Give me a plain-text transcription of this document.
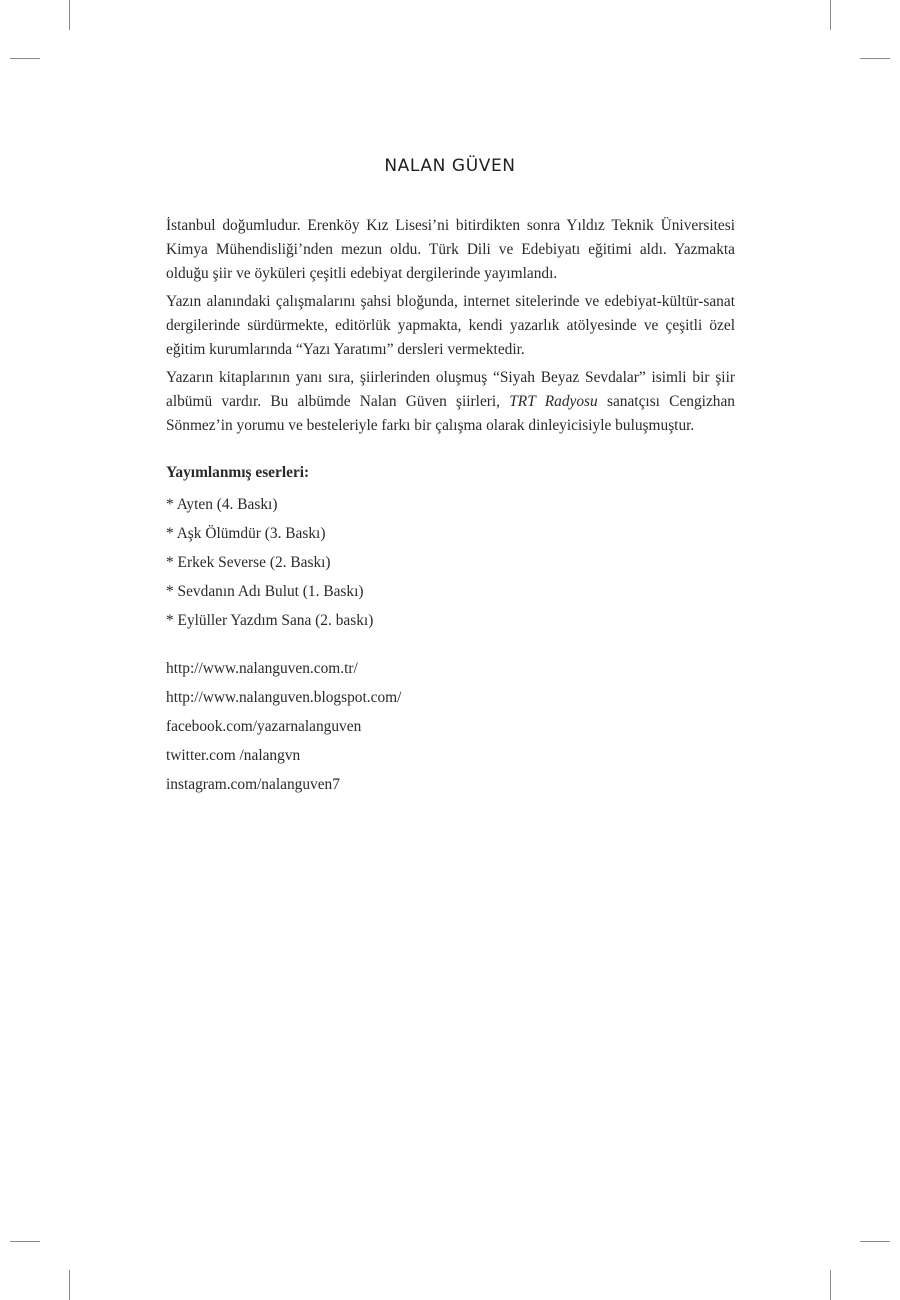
NALAN GÜVEN

İstanbul doğumludur. Erenköy Kız Lisesi’ni bitirdikten sonra Yıldız Teknik Üniversitesi Kimya Mühendisliği’nden mezun oldu. Türk Dili ve Edebiyatı eğitimi aldı. Yazmakta olduğu şiir ve öyküleri çeşitli edebiyat dergilerinde yayımlandı.

Yazın alanındaki çalışmalarını şahsi bloğunda, internet sitelerinde ve edebiyat-kültür-sanat dergilerinde sürdürmekte, editörlük yapmakta, kendi yazarlık atölyesinde ve çeşitli özel eğitim kurumlarında “Yazı Yaratımı” dersleri vermektedir.

Yazarın kitaplarının yanı sıra, şiirlerinden oluşmuş “Siyah Beyaz Sevdalar” isimli bir şiir albümü vardır. Bu albümde Nalan Güven şiirleri, TRT Radyosu sanatçısı Cengizhan Sönmez’in yorumu ve besteleriyle farkı bir çalışma olarak dinleyicisiyle buluşmuştur.

Yayımlanmış eserleri:
* Ayten (4. Baskı)
* Aşk Ölümdür (3. Baskı)
* Erkek Severse (2. Baskı)
* Sevdanın Adı Bulut (1. Baskı)
* Eylüller Yazdım Sana (2. baskı)
http://www.nalanguven.com.tr/
http://www.nalanguven.blogspot.com/
facebook.com/yazarnalanguven
twitter.com /nalangvn
instagram.com/nalanguven7
